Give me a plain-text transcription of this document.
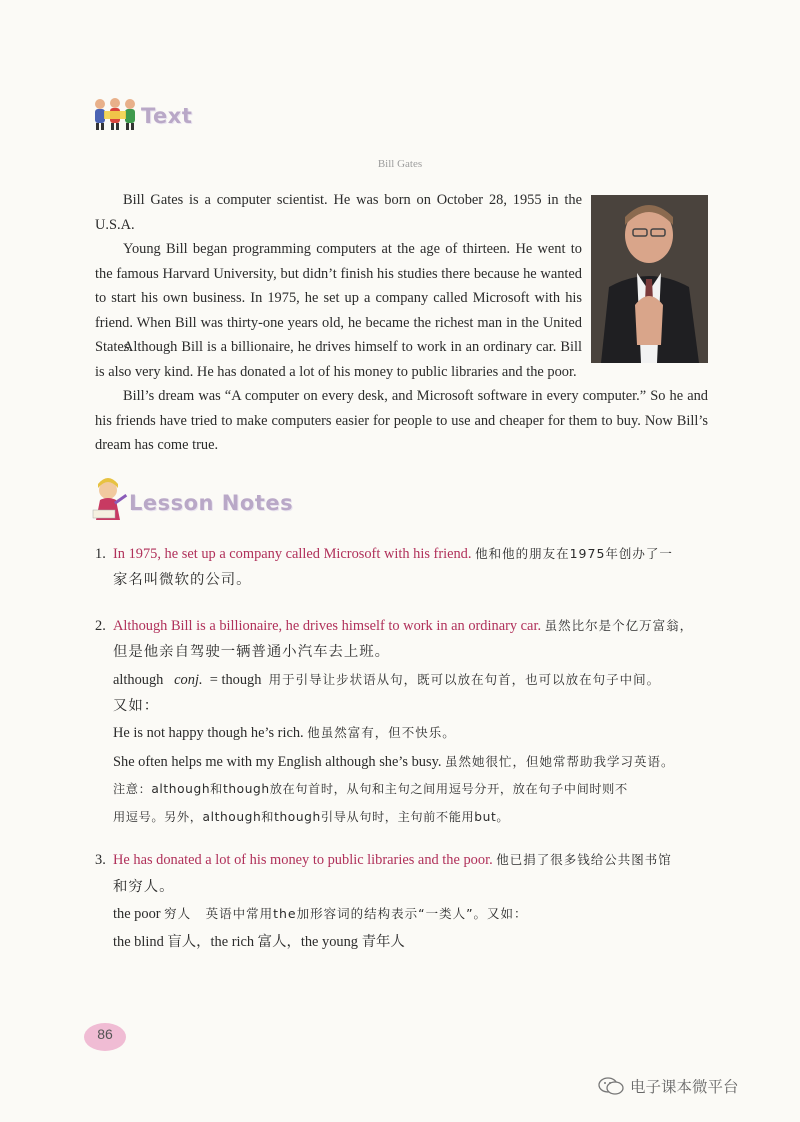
Text
Bill Gates

Bill Gates is a computer scientist. He was born on October 28, 1955 in the U.S.A.

Young Bill began programming computers at the age of thirteen. He went to the famous Harvard University, but didn’t finish his studies there because he wanted to start his own business. In 1975, he set up a company called Microsoft with his friend. When Bill was thirty-one years old, he became the richest man in the United States.

Although Bill is a billionaire, he drives himself to work in an ordinary car. Bill is also very kind. He has donated a lot of his money to public libraries and the poor.

Bill’s dream was “A computer on every desk, and Microsoft software in every computer.” So he and his friends have tried to make computers easier for people to use and cheaper for them to buy. Now Bill’s dream has come true.

Lesson Notes
1. In 1975, he set up a company called Microsoft with his friend. 他和他的朋友在1975年创办了一
家名叫微软的公司。
2. Although Bill is a billionaire, he drives himself to work in an ordinary car. 虽然比尔是个亿万富翁，
但是他亲自驾驶一辆普通小汽车去上班。
although conj. = though 用于引导让步状语从句，既可以放在句首，也可以放在句子中间。
又如：
He is not happy though he’s rich. 他虽然富有，但不快乐。
She often helps me with my English although she’s busy. 虽然她很忙，但她常帮助我学习英语。
注意：although和though放在句首时，从句和主句之间用逗号分开，放在句子中间时则不
用逗号。另外，although和though引导从句时，主句前不能用but。
3. He has donated a lot of his money to public libraries and the poor. 他已捐了很多钱给公共图书馆
和穷人。
the poor 穷人 英语中常用the加形容词的结构表示“一类人”。又如：
the blind 盲人，the rich 富人，the young 青年人
86
电子课本微平台
